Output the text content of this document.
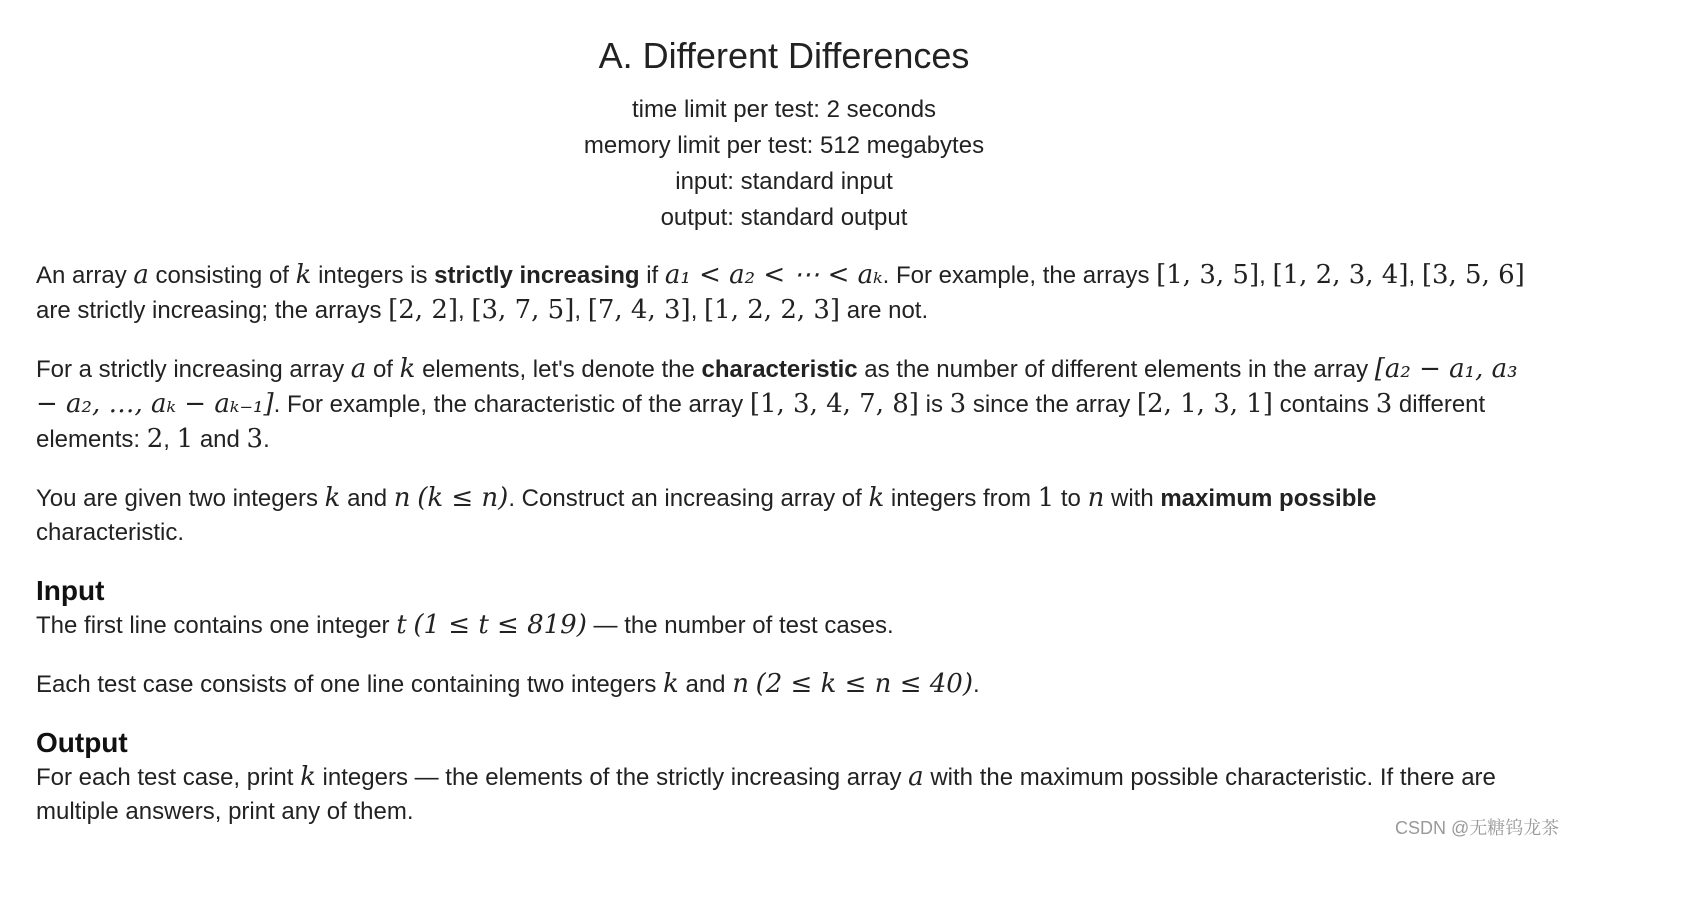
A. Different Differences
time limit per test: 2 seconds
memory limit per test: 512 megabytes
input: standard input
output: standard output

An array a consisting of k integers is strictly increasing if a₁ < a₂ < ⋯ < aₖ. For example, the arrays [1, 3, 5], [1, 2, 3, 4], [3, 5, 6] are strictly increasing; the arrays [2, 2], [3, 7, 5], [7, 4, 3], [1, 2, 2, 3] are not.

For a strictly increasing array a of k elements, let's denote the characteristic as the number of different elements in the array [a₂ − a₁, a₃ − a₂, …, aₖ − aₖ₋₁]. For example, the characteristic of the array [1, 3, 4, 7, 8] is 3 since the array [2, 1, 3, 1] contains 3 different elements: 2, 1 and 3.

You are given two integers k and n (k ≤ n). Construct an increasing array of k integers from 1 to n with maximum possible characteristic.

Input

The first line contains one integer t (1 ≤ t ≤ 819) — the number of test cases.

Each test case consists of one line containing two integers k and n (2 ≤ k ≤ n ≤ 40).

Output

For each test case, print k integers — the elements of the strictly increasing array a with the maximum possible characteristic. If there are multiple answers, print any of them.

CSDN @无糖钨龙茶
